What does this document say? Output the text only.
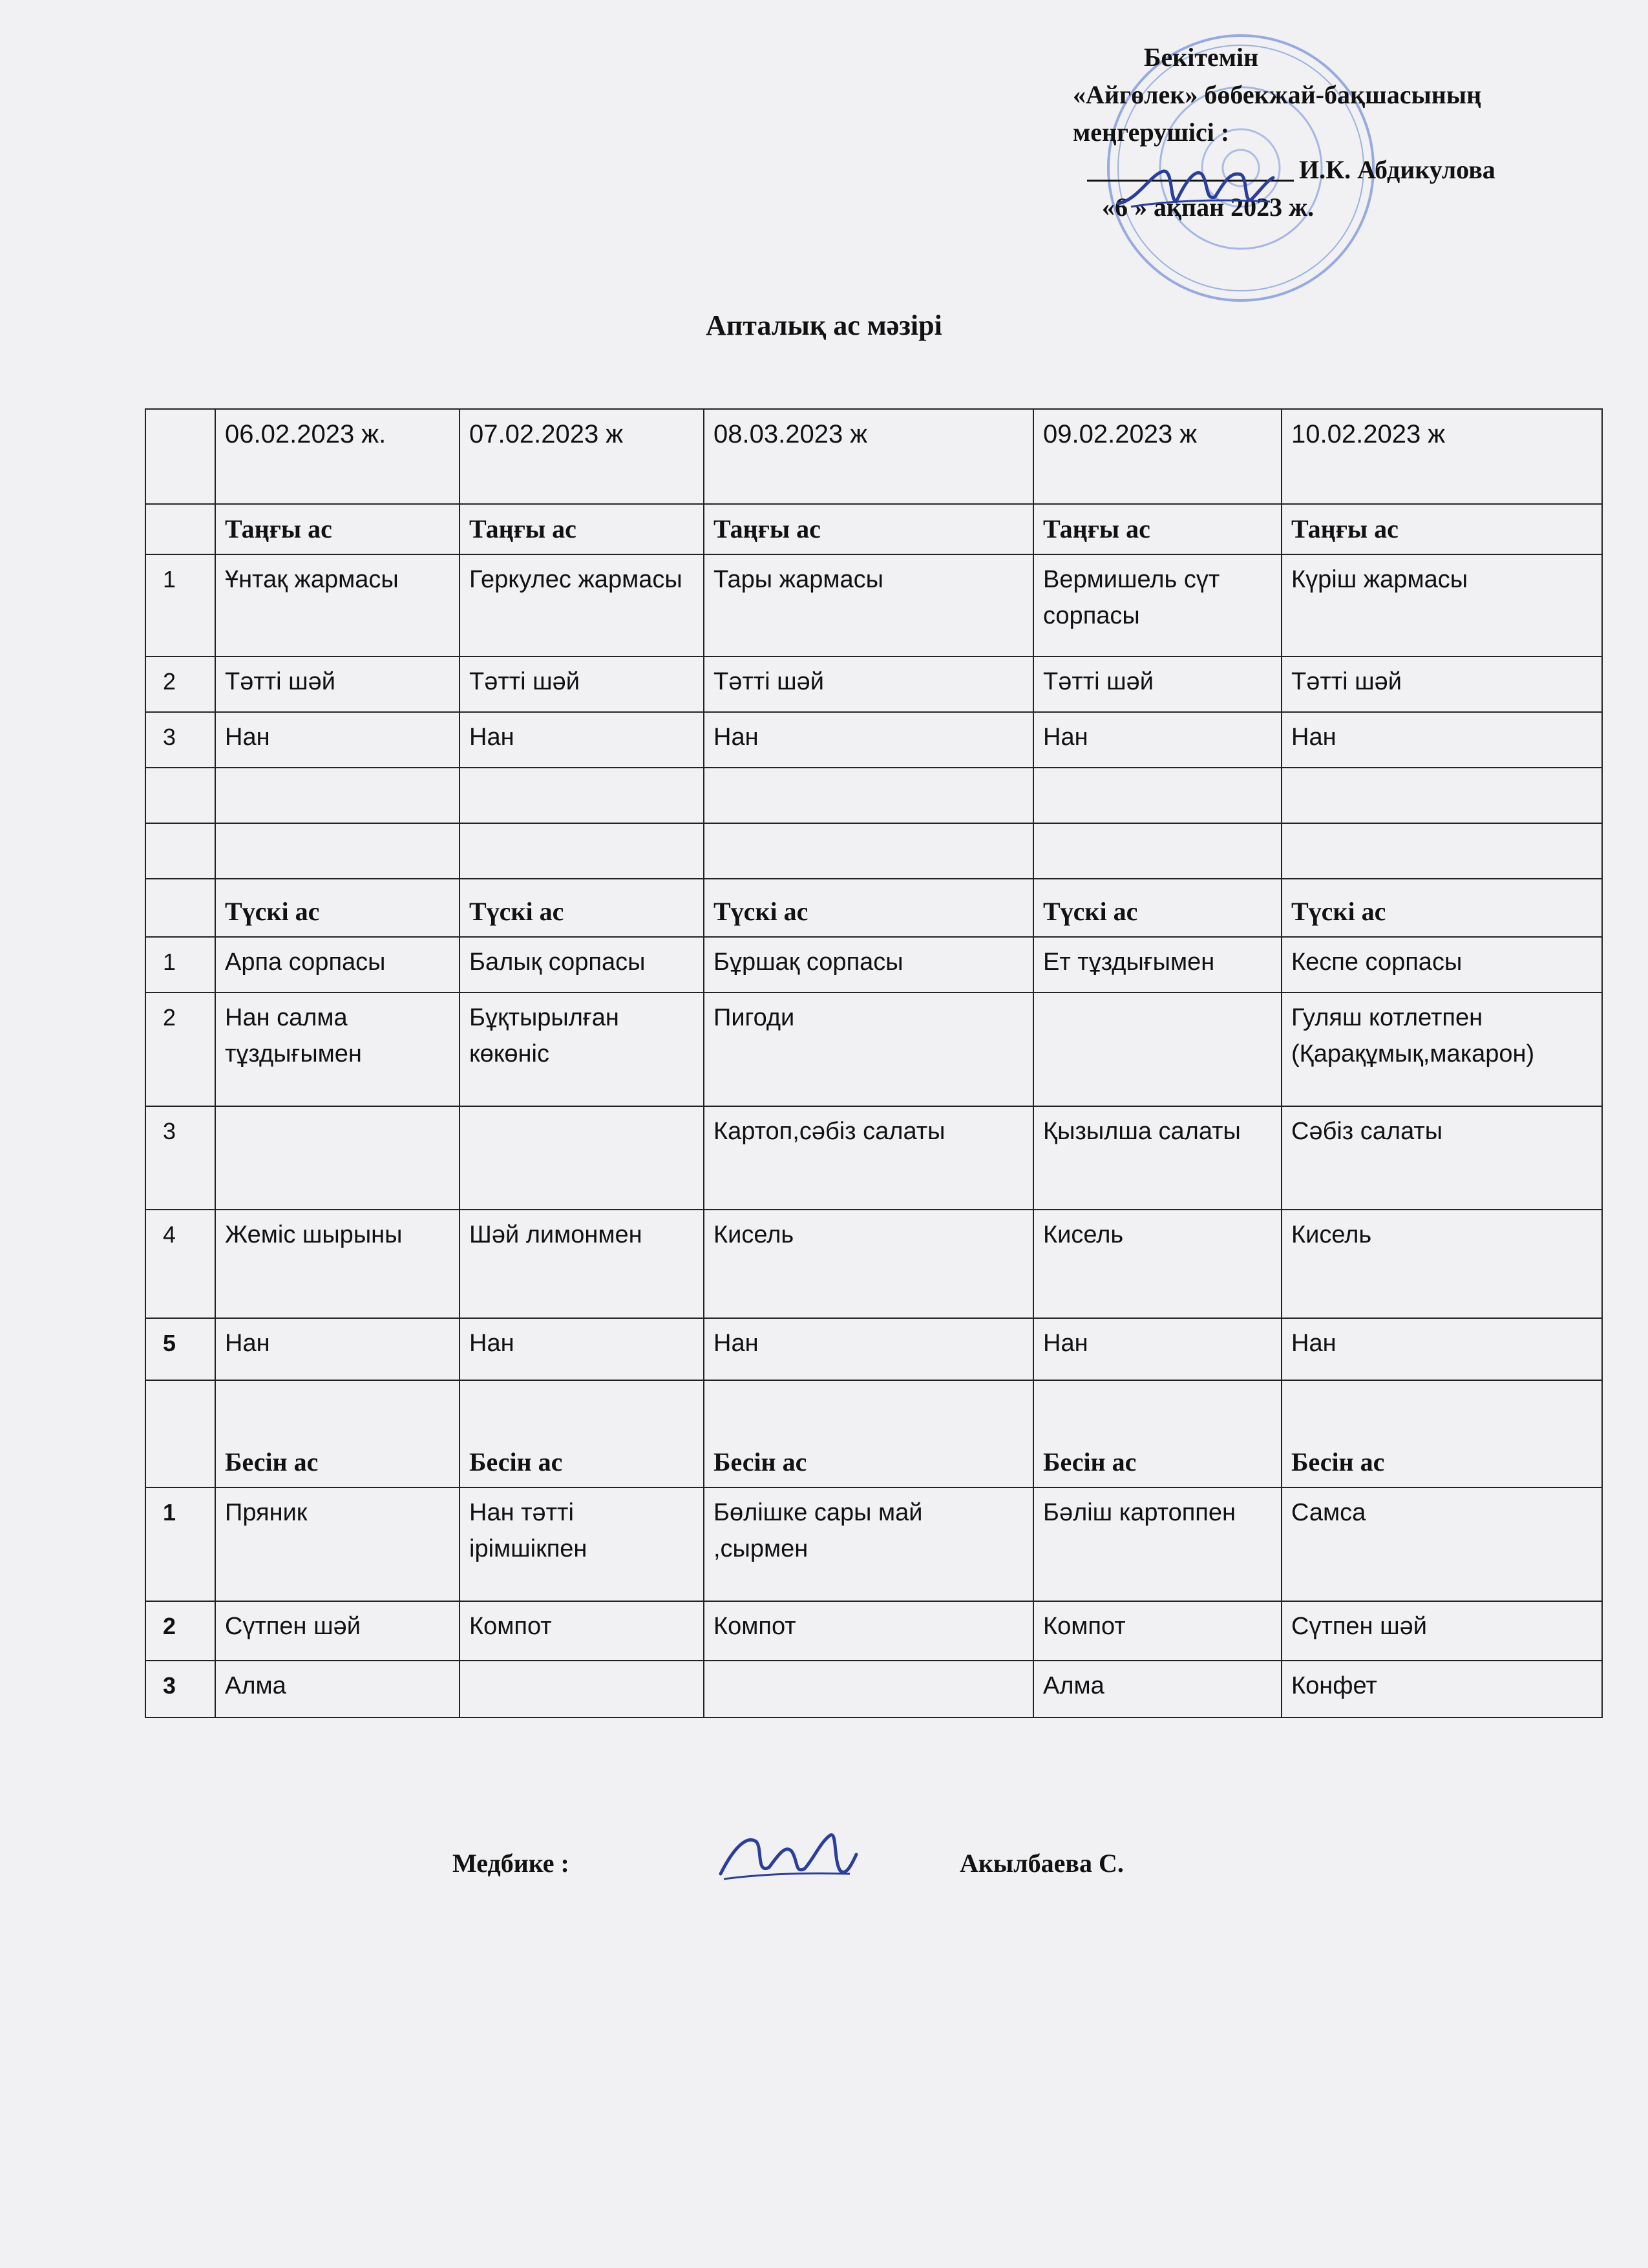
Бекітемін
«Айгөлек» бөбекжай-бақшасының
меңгерушісі :
И.К. Абдикулова
«6 » ақпан 2023 ж.
Апталық ас мәзірі
	06.02.2023 ж.	07.02.2023 ж	08.03.2023 ж	09.02.2023 ж	10.02.2023 ж
	Таңғы ас	Таңғы ас	Таңғы ас	Таңғы ас	Таңғы ас
1	Ұнтақ жармасы	Геркулес жармасы	Тары жармасы	Вермишель сүт сорпасы	Күріш жармасы
2	Тәтті шәй	Тәтті шәй	Тәтті шәй	Тәтті шәй	Тәтті шәй
3	Нан	Нан	Нан	Нан	Нан

	Түскі ас	Түскі ас	Түскі ас	Түскі ас	Түскі ас
1	Арпа сорпасы	Балық сорпасы	Бұршақ сорпасы	Ет тұздығымен	Кеспе сорпасы
2	Нан салма тұздығымен	Бұқтырылған көкөніс	Пигоди		Гуляш котлетпен (Қарақұмық,макарон)
3			Картоп,сәбіз салаты	Қызылша салаты	Сәбіз салаты
4	Жеміс шырыны	Шәй лимонмен	Кисель	Кисель	Кисель
5	Нан	Нан	Нан	Нан	Нан
	Бесін ас	Бесін ас	Бесін ас	Бесін ас	Бесін ас
1	Пряник	Нан тәтті ірімшікпен	Бөлішке сары май ,сырмен	Бәліш картоппен	Самса
2	Сүтпен шәй	Компот	Компот	Компот	Сүтпен шәй
3	Алма			Алма	Конфет
Медбике :	Акылбаева С.
